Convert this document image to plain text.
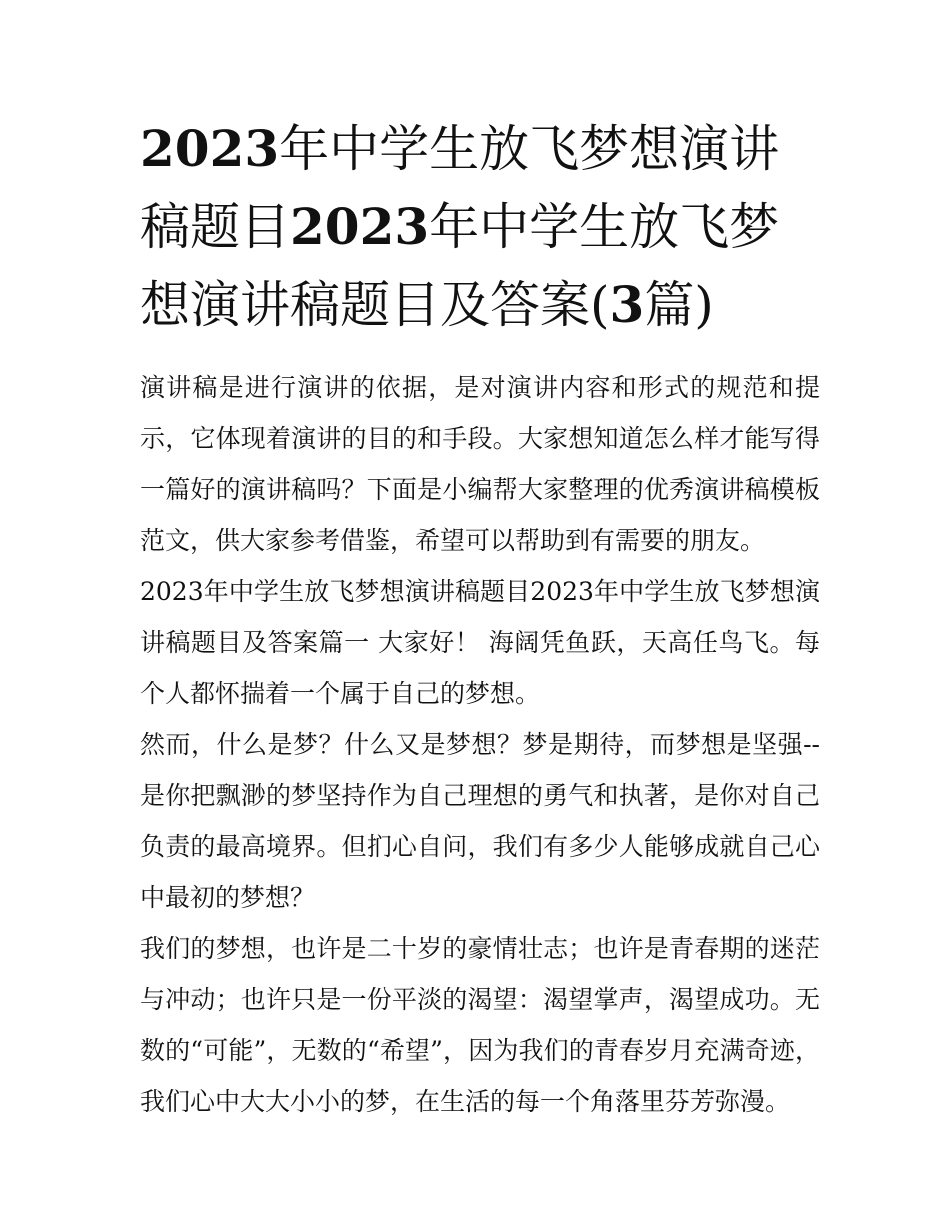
2023年中学生放飞梦想演讲稿题目2023年中学生放飞梦想演讲稿题目及答案(3篇)

演讲稿是进行演讲的依据，是对演讲内容和形式的规范和提示，它体现着演讲的目的和手段。大家想知道怎么样才能写得一篇好的演讲稿吗？下面是小编帮大家整理的优秀演讲稿模板范文，供大家参考借鉴，希望可以帮助到有需要的朋友。

2023年中学生放飞梦想演讲稿题目2023年中学生放飞梦想演讲稿题目及答案篇一 大家好！ 海阔凭鱼跃，天高任鸟飞。每个人都怀揣着一个属于自己的梦想。

然而，什么是梦？什么又是梦想？梦是期待，而梦想是坚强--是你把飘渺的梦坚持作为自己理想的勇气和执著，是你对自己负责的最高境界。但扪心自问，我们有多少人能够成就自己心中最初的梦想？

我们的梦想，也许是二十岁的豪情壮志；也许是青春期的迷茫与冲动；也许只是一份平淡的渴望：渴望掌声，渴望成功。无数的“可能”，无数的“希望”，因为我们的青春岁月充满奇迹，我们心中大大小小的梦，在生活的每一个角落里芬芳弥漫。
